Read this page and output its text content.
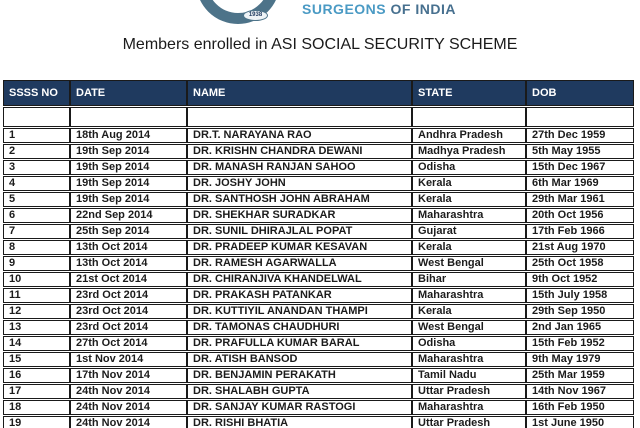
1938	SURGEONS OF INDIA
Members enrolled in ASI SOCIAL SECURITY SCHEME
SSSS NO	DATE	NAME	STATE	DOB

1	18th Aug 2014	DR.T. NARAYANA RAO	Andhra Pradesh	27th Dec 1959
2	19th Sep 2014	DR. KRISHN CHANDRA DEWANI	Madhya Pradesh	5th May 1955
3	19th Sep 2014	DR. MANASH RANJAN SAHOO	Odisha	15th Dec 1967
4	19th Sep 2014	DR. JOSHY JOHN	Kerala	6th Mar 1969
5	19th Sep 2014	DR. SANTHOSH JOHN ABRAHAM	Kerala	29th Mar 1961
6	22nd Sep 2014	DR. SHEKHAR SURADKAR	Maharashtra	20th Oct 1956
7	25th Sep 2014	DR. SUNIL DHIRAJLAL POPAT	Gujarat	17th Feb 1966
8	13th Oct 2014	DR. PRADEEP KUMAR KESAVAN	Kerala	21st Aug 1970
9	13th Oct 2014	DR. RAMESH AGARWALLA	West Bengal	25th Oct 1958
10	21st Oct 2014	DR. CHIRANJIVA KHANDELWAL	Bihar	9th Oct 1952
11	23rd Oct 2014	DR. PRAKASH PATANKAR	Maharashtra	15th July 1958
12	23rd Oct 2014	DR. KUTTIYIL ANANDAN THAMPI	Kerala	29th Sep 1950
13	23rd Oct 2014	DR. TAMONAS CHAUDHURI	West Bengal	2nd Jan 1965
14	27th Oct 2014	DR. PRAFULLA KUMAR BARAL	Odisha	15th Feb 1952
15	1st Nov 2014	DR. ATISH BANSOD	Maharashtra	9th May 1979
16	17th Nov 2014	DR. BENJAMIN PERAKATH	Tamil Nadu	25th Mar 1959
17	24th Nov 2014	DR. SHALABH GUPTA	Uttar Pradesh	14th Nov 1967
18	24th Nov 2014	DR. SANJAY KUMAR RASTOGI	Maharashtra	16th Feb 1950
19	24th Nov 2014	DR. RISHI BHATIA	Uttar Pradesh	1st June 1950
